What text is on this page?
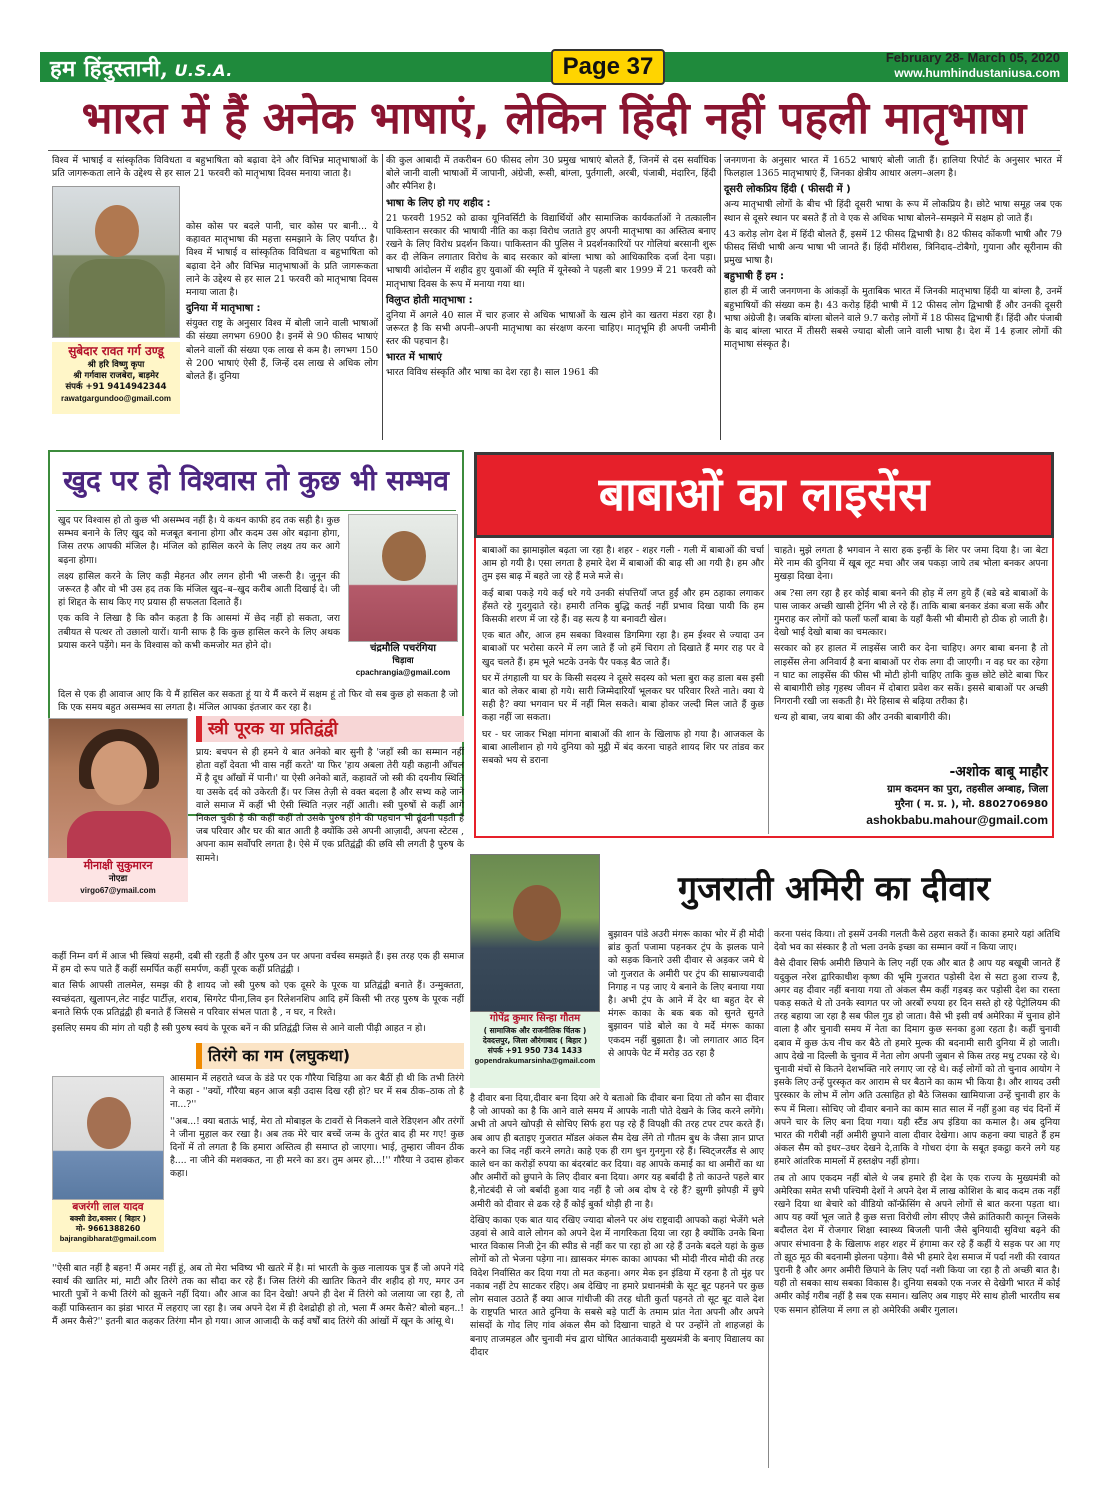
हम हिंदुस्तानी, U.S.A.	Page 37	February 28- March 05, 2020
www.humhindustaniusa.com
भारत में हैं अनेक भाषाएं, लेकिन हिंदी नहीं पहली मातृभाषा

विश्व में भाषाई व सांस्कृतिक विविधता व बहुभाषिता को बढ़ावा देने और विभिन्न मातृभाषाओं के प्रति जागरूकता लाने के उद्देश्य से हर साल 21 फरवरी को मातृभाषा दिवस मनाया जाता है।

सुबेदार रावत गर्ग उण्डू
श्री हरि विष्णु कृपा
श्री गर्गवास राजबेरा, बाड़मेर
संपर्क +91 9414942344
rawatgargundoo@gmail.com

कोस कोस पर बदले पानी, चार कोस पर बानी... ये कहावत मातृभाषा की महत्ता समझाने के लिए पर्याप्त है। विश्व में भाषाई व सांस्कृतिक विविधता व बहुभाषिता को बढ़ावा देने और विभिन्न मातृभाषाओं के प्रति जागरूकता लाने के उद्देश्य से हर साल 21 फरवरी को मातृभाषा दिवस मनाया जाता है।

दुनिया में मातृभाषा :

संयुक्त राष्ट्र के अनुसार विश्व में बोली जाने वाली भाषाओं की संख्या लगभग 6900 है। इनमें से 90 फीसद भाषाएं बोलने वालों की संख्या एक लाख से कम है। लगभग 150 से 200 भाषाएं ऐसी हैं, जिन्हें दस लाख से अधिक लोग बोलते हैं। दुनिया

की कुल आबादी में तकरीबन 60 फीसद लोग 30 प्रमुख भाषाएं बोलते हैं, जिनमें से दस सर्वाधिक बोले जानी वाली भाषाओं में जापानी, अंग्रेजी, रूसी, बांग्ला, पुर्तगाली, अरबी, पंजाबी, मंदारिन, हिंदी और स्पैनिश है।

भाषा के लिए हो गए शहीद :

21 फरवरी 1952 को ढाका यूनिवर्सिटी के विद्यार्थियों और सामाजिक कार्यकर्ताओं ने तत्कालीन पाकिस्तान सरकार की भाषायी नीति का कड़ा विरोध जताते हुए अपनी मातृभाषा का अस्तित्व बनाए रखने के लिए विरोध प्रदर्शन किया। पाकिस्तान की पुलिस ने प्रदर्शनकारियों पर गोलियां बरसानी शुरू कर दी लेकिन लगातार विरोध के बाद सरकार को बांग्ला भाषा को आधिकारिक दर्जा देना पड़ा। भाषायी आंदोलन में शहीद हुए युवाओं की स्मृति में यूनेस्को ने पहली बार 1999 में 21 फरवरी को मातृभाषा दिवस के रूप में मनाया गया था।

विलुप्त होती मातृभाषा :

दुनिया में अगले 40 साल में चार हजार से अधिक भाषाओं के खत्म होने का खतरा मंडरा रहा है। जरूरत है कि सभी अपनी–अपनी मातृभाषा का संरक्षण करना चाहिए। मातृभूमि ही अपनी जमीनी स्तर की पहचान है।

भारत में भाषाएं

भारत विविध संस्कृति और भाषा का देश रहा है। साल 1961 की

जनगणना के अनुसार भारत में 1652 भाषाएं बोली जाती हैं। हालिया रिपोर्ट के अनुसार भारत में फिलहाल 1365 मातृभाषाएं हैं, जिनका क्षेत्रीय आधार अलग–अलग है।

दूसरी लोकप्रिय हिंदी ( फीसदी में )

अन्य मातृभाषी लोगों के बीच भी हिंदी दूसरी भाषा के रूप में लोकप्रिय है। छोटे भाषा समूह जब एक स्थान से दूसरे स्थान पर बसते हैं तो वे एक से अधिक भाषा बोलने–समझने में सक्षम हो जाते हैं।

43 करोड़ लोग देश में हिंदी बोलते हैं, इसमें 12 फीसद द्विभाषी है। 82 फीसद कोंकणी भाषी और 79 फीसद सिंधी भाषी अन्य भाषा भी जानते हैं। हिंदी मॉरीशस, त्रिनिदाद–टोबैगो, गुयाना और सूरीनाम की प्रमुख भाषा है।

बहुभाषी हैं हम :

हाल ही में जारी जनगणना के आंकड़ों के मुताबिक भारत में जिनकी मातृभाषा हिंदी या बांग्ला है, उनमें बहुभाषियों की संख्या कम है। 43 करोड़ हिंदी भाषी में 12 फीसद लोग द्विभाषी हैं और उनकी दूसरी भाषा अंग्रेजी है। जबकि बांग्ला बोलने वाले 9.7 करोड़ लोगों में 18 फीसद द्विभाषी हैं। हिंदी और पंजाबी के बाद बांग्ला भारत में तीसरी सबसे ज्यादा बोली जाने वाली भाषा है। देश में 14 हजार लोगों की मातृभाषा संस्कृत है।

खुद पर हो विश्वास तो कुछ भी सम्भव

खुद पर विश्वास हो तो कुछ भी असम्भव नहीं है। ये कथन काफी हद तक सही है। कुछ सम्भव बनाने के लिए खुद को मजबूत बनाना होगा और कदम उस ओर बढ़ाना होगा, जिस तरफ आपकी मंजिल है। मंजिल को हासिल करने के लिए लक्ष्य तय कर आगे बढ़ना होगा।

लक्ष्य हासिल करने के लिए कड़ी मेहनत और लगन होनी भी जरूरी है। जुनून की जरूरत है और वो भी उस हद तक कि मंजिल खुद–ब–खुद करीब आती दिखाई दे। जी हां शिद्दत के साथ किए गए प्रयास ही सफलता दिलाते हैं।

एक कवि ने लिखा है कि कौन कहता है कि आसमां में छेद नहीं हो सकता, जरा तबीयत से पत्थर तो उछालो यारों। यानी साफ है कि कुछ हासिल करने के लिए अथक प्रयास करने पड़ेंगे। मन के विश्वास को कभी कमजोर मत होने दो।	चंद्रमौलि पचरंगिया
चिड़ावा
cpachrangia@gmail.com

दिल से एक ही आवाज आए कि ये मैं हासिल कर सकता हूं या ये मैं करने में सक्षम हूं तो फिर वो सब कुछ हो सकता है जो कि एक समय बहुत असम्भव सा लगता है। मंजिल आपका इंतजार कर रहा है।

स्त्री पूरक या प्रतिद्वंद्वी
मीनाक्षी सुकुमारन
नोएडा
virgo67@ymail.com

प्राय: बचपन से ही हमने ये बात अनेको बार सुनी है 'जहाँ स्त्री का सम्मान नहीं होता वहाँ देवता भी वास नहीं करते' या फिर 'हाय अबला तेरी यही कहानी आँचल में है दूध आँखों में पानी।' या ऐसी अनेको बातें, कहावतें जो स्त्री की दयनीय स्थिति या उसके दर्द को उकेरती हैं। पर जिस तेज़ी से वक्त बदला है और सभ्य कहे जाने वाले समाज में कहीं भी ऐसी स्थिति नज़र नहीं आती। स्त्री पुरुषों से कहीं आगे निकल चुकी है की कहीं कहीं तो उसके पुरुष होने की पहचान भी ढूंढनी पड़ती है जब परिवार और घर की बात आती है क्योंकि उसे अपनी आज़ादी, अपना स्टेटस , अपना काम सर्वोपरि लगता है। ऐसे में एक प्रतिद्वंद्वी की छवि सी लगती है पुरुष के सामने।

कहीं निम्न वर्ग में आज भी स्त्रियां सहमी, दबी सी रहती हैं और पुरुष उन पर अपना वर्चस्व समझते हैं। इस तरह एक ही समाज में हम दो रूप पाते हैं कहीं समर्पित कहीं समर्पण, कहीं पूरक कहीं प्रतिद्वंद्वी ।

बात सिर्फ आपसी तालमेल, समझ की है शायद जो स्त्री पुरुष को एक दूसरे के पूरक या प्रतिद्वंद्वी बनाते हैं। उन्मुक्तता, स्वच्छंदता, खुलापन,लेट नाईट पार्टीज़, शराब, सिगरेट पीना,लिव इन रिलेशनशिप आदि हमें किसी भी तरह पुरुष के पूरक नहीं बनाते सिर्फ एक प्रतिद्वंद्वी ही बनाते हैं जिससे न परिवार संभल पाता है , न घर, न रिश्ते।

इसलिए समय की मांग तो यही है स्त्री पुरुष स्वयं के पूरक बनें न की प्रतिद्वंद्वी जिस से आने वाली पीढ़ी आहत न हो।

तिरंगे का गम (लघुकथा)
बजरंगी लाल यादव
बक्सी डेरा,बक्सर ( बिहार )
मो- 9661388260
bajrangibharat@gmail.com

आसमान में लहराते ध्वज के डंडे पर एक गौरैया चिड़िया आ कर बैठीं ही थी कि तभी तिरंगे ने कहा - ''क्यों, गौरैया बहन आज बड़ी उदास दिख रही हो? घर में सब ठीक–ठाक तो है ना...?''

''अब...! क्या बताऊं भाई, मेरा तो मोबाइल के टावरों से निकलने वाले रेडिएशन और तरंगों ने जीना मुहाल कर रखा है। अब तक मेरे चार बच्चें जन्म के तुरंत बाद ही मर गए! कुछ दिनों में तो लगता है कि हमारा अस्तित्व ही समाप्त हो जाएगा। भाई, तुम्हारा जीवन ठीक है.... ना जीने की मशक्कत, ना ही मरने का डर। तुम अमर हो...!'' गौरैया ने उदास होकर कहा।

''ऐसी बात नहीं है बहन! मैं अमर नहीं हूं, अब तो मेरा भविष्य भी खतरे में है। मां भारती के कुछ नालायक पुत्र हैं जो अपने गंदे स्वार्थ की खातिर मां, माटी और तिरंगे तक का सौदा कर रहे हैं। जिस तिरंगे की खातिर कितने वीर शहीद हो गए, मगर उन भारती पुत्रों ने कभी तिरंगे को झुकने नहीं दिया। और आज का दिन देखो! अपने ही देश में तिरंगे को जलाया जा रहा है, तो कहीं पाकिस्तान का झंडा भारत में लहराए जा रहा है। जब अपने देश में ही देशद्रोही हो तो, भला मैं अमर कैसे? बोलो बहन..! मैं अमर कैसे?'' इतनी बात कहकर तिरंगा मौन हो गया। आज आजादी के कई वर्षों बाद तिरंगे की आंखों में खून के आंसू थे।

बाबाओं का लाइसेंस

बाबाओं का झामाझोल बढ़ता जा रहा है। शहर - शहर गली - गली में बाबाओं की चर्चा आम हो गयी है। एसा लगता है हमारे देश में बाबाओं की बाढ़ सी आ गयी है। हम और तुम इस बाढ़ में बहते जा रहे हैं मजे मजे से।

कई बाबा पकड़े गये कई धरे गये उनकी संपत्तियाँ जप्त हुईं और हम ठहाका लगाकर हँसते रहे गुदगुदाते रहे। हमारी तनिक बुद्धि कतई नहीं प्रभाव दिखा पायी कि हम किसकी शरण में जा रहे हैं। वह सत्य है या बनावटी खेल।

एक बात और, आज हम सबका विश्वास डिगमिगा रहा है। हम ईश्वर से ज्यादा उन बाबाओं पर भरोसा करने में लग जाते हैं जो हमें चिराग तो दिखाते हैं मगर राह पर वे खुद चलते हैं। हम भूले भटके उनके पैर पकड़ बैठ जाते हैं।

घर में तंगहाली या घर के किसी सदस्य ने दूसरे सदस्य को भला बुरा कह डाला बस इसी बात को लेकर बाबा हो गये। सारी जिम्मेदारियाँ भूलकर घर परिवार रिश्ते नाते। क्या ये सही है? क्या भगवान घर में नहीं मिल सकते। बाबा होकर जल्दी मिल जाते हैं कुछ कहा नहीं जा सकता।

घर - घर जाकर भिक्षा मांगना बाबाओं की शान के खिलाफ हो गया है। आजकल के बाबा आलीशान हो गये दुनिया को मुट्ठी में बंद करना चाहते शायद शिर पर तांडव कर सबको भय से डराना

चाहते। मुझे लगता है भगवान ने सारा हक इन्हीं के शिर पर जमा दिया है। जा बेटा मेरे नाम की दुनिया में खूब लूट मचा और जब पकड़ा जाये तब भोला बनकर अपना मुखड़ा दिखा देना।

अब ?सा लग रहा है हर कोई बाबा बनने की होड़ में लग हुये हैं (बडे बडे बाबाओं के पास जाकर अच्छी खासी ट्रेनिंग भी ले रहे हैं। ताकि बाबा बनकर डंका बजा सकें और गुमराह कर लोगों को फलाँ फलाँ बाबा के यहाँ कैसी भी बीमारी हो ठीक हो जाती है। देखो भाई देखो बाबा का चमत्कार।

सरकार को हर हालत में लाइसेंस जारी कर देना चाहिए। अगर बाबा बनना है तो लाइसेंस लेना अनिवार्य है बना बाबाओं पर रोक लगा दी जाएगी। न वह घर का रहेगा न घाट का लाइसेंस की फीस भी मोटी होनी चाहिए ताकि कुछ छोटे छोटे बाबा फिर से बाबागीरी छोड़ गृहस्थ जीवन में दोबारा प्रवेश कर सकें। इससे बाबाओं पर अच्छी निगरानी रखी जा सकती है। मेरे हिसाब से बढ़िया तरीका है।

धन्य हो बाबा, जय बाबा की और उनकी बाबागीरी की।

-अशोक बाबू माहौर
ग्राम कदमन का पुरा, तहसील अम्बाह, जिला
मुरैना ( म. प्र. ), मो. 8802706980
ashokbabu.mahour@gmail.com
गुजराती अमिरी का दीवार
गोपेंद्र कुमार सिन्हा गौतम
( सामाजिक और राजनीतिक चिंतक )
देवदत्तपुर, जिला औरंगाबाद ( बिहार )
संपर्क +91 950 734 1433
gopendrakumarsinha@gmail.com

बुझावन पांडे अउरी मंगरू काका भोर में ही मोदी ब्रांड कुर्ता पजामा पहनकर ट्रंप के झलक पाने को सड़क किनारे उसी दीवार से अड़कर जमे थे जो गुजरात के अमीरी पर ट्रंप की साम्राज्यवादी निगाह न पड़ जाए ये बनाने के लिए बनाया गया है। अभी ट्रंप के आने में देर था बहुत देर से मंगरू काका के बक बक को सुनते सुनते बुझावन पांडे बोले का ये मर्दे मंगरू काका एकदम नहीं बुझाता है। जो लगातार आठ दिन से आपके पेट में मरोड़ उठ रहा है

है दीवार बना दिया,दीवार बना दिया अरे ये बताओ कि दीवार बना दिया तो कौन सा दीवार है जो आपको का है कि आने वाले समय में आपके नाती पोते देखने के जिद करने लगेंगे। अभी तो अपने खोपड़ी से सोचिए सिर्फ हरा पड़ रहे हैं विपक्षी की तरह टपर टपर करते हैं। अब आप ही बताइए गुजरात मॉडल अंकल सैम देख लेंगे तो गौतम बुध के जैसा ज्ञान प्राप्त करने का जिद नहीं करने लगते। काहे एक ही राग धुन गुनगुना रहे हैं। स्विट्जरलैंड से आए काले धन का करोड़ों रुपया का बंदरबांट कर दिया। वह आपके कमाई का था अमीरों का था और अमीरों को छुपाने के लिए दीवार बना दिया। अगर यह बर्बादी है तो काउन्ते पहले बार है,नोटबंदी से जो बर्बादी हुआ याद नहीं है जो अब दोष दे रहे हैं? झुग्गी झोपड़ी में छुपे अमीरी को दीवार से ढक रहे हैं कोई बुर्का थोड़ी ही ना है।

देखिए काका एक बात याद रखिए ज्यादा बोलने पर अंध राष्ट्रवादी आपको कहां भेजेंगे भले उहवां से आवे वाले लोगन को अपने देश में नागरिकता दिया जा रहा है क्योंकि उनके बिना भारत विकास निजी ट्रेन की स्पीड से नहीं कर पा रहा हो आ रहे हैं उनके बदले यहां के कुछ लोगों को तो भेजना पड़ेगा ना। ख़ासकर मंगरू काका आपका भी मोदी नीरव मोदी की तरह विदेश निर्वासित कर दिया गया तो मत कहना। अगर मेक इन इंडिया में रहना है तो मुंह पर नकाब नहीं टेप साटकर रहिए। अब देखिए ना हमारे प्रधानमंत्री के सूट बूट पहनने पर कुछ लोग सवाल उठाते हैं क्या आज गांधीजी की तरह धोती कुर्ता पहनते तो सूट बूट वाले देश के राष्ट्रपति भारत आते दुनिया के सबसे बड़े पार्टी के तमाम प्रांत नेता अपनी और अपने सांसदों के गोद लिए गांव अंकल सैम को दिखाना चाहते थे पर उन्होंने तो शाहजहां के बनाए ताजमहल और चुनावी मंच द्वारा घोषित आतंकवादी मुख्यमंत्री के बनाए विद्यालय का दीदार

करना पसंद किया। तो इसमें उनकी गलती कैसे ठहरा सकते हैं। काका हमारे यहां अतिथि देवो भव का संस्कार है तो भला उनके इच्छा का सम्मान क्यों न किया जाए।

वैसे दीवार सिर्फ अमीरी छिपाने के लिए नहीं एक और बात है आप यह बखूबी जानते हैं यदुकुल नरेश द्वारिकाधीश कृष्ण की भूमि गुजरात पड़ोसी देश से सटा हुआ राज्य है, अगर वह दीवार नहीं बनाया गया तो अंकल सैम कहीं गड़बड़ कर पड़ोसी देश का रास्ता पकड़ सकते थे तो उनके स्वागत पर जो अरबों रुपया हर दिन सस्ते हो रहे पेट्रोलियम की तरह बहाया जा रहा है सब फील गुड हो जाता। वैसे भी इसी वर्ष अमेरिका में चुनाव होने वाला है और चुनावी समय में नेता का दिमाग कुछ सनका हुआ रहता है। कहीं चुनावी दबाव में कुछ ऊंच नीच कर बैठे तो हमारे मुल्क की बदनामी सारी दुनिया में हो जाती। आप देखे ना दिल्ली के चुनाव में नेता लोग अपनी जुबान से किस तरह मधु टपका रहे थे। चुनावी मंचों से कितने देशभक्ति नारे लगाए जा रहे थे। कई लोगों को तो चुनाव आयोग ने इसके लिए उन्हें पुरस्कृत कर आराम से घर बैठाने का काम भी किया है। और शायद उसी पुरस्कार के लोभ में लोग अति उत्साहित हो बैठे जिसका खामियाजा उन्हें चुनावी हार के रूप में मिला। सोचिए जो दीवार बनाने का काम सात साल में नहीं हुआ वह चंद दिनों में अपने चार के लिए बना दिया गया। यही स्टैंड अप इंडिया का कमाल है। अब दुनिया भारत की गरीबी नहीं अमीरी छुपाने वाला दीवार देखेगा। आप कहना क्या चाहते हैं हम अंकल सैम को इधर–उधर देखने दे,ताकि वे गोधरा दंगा के सबूत इकट्ठा करने लगे यह हमारे आंतरिक मामलों में हस्तक्षेप नहीं होगा।

तब तो आप एकदम नहीं बोले थे जब हमारे ही देश के एक राज्य के मुख्यमंत्री को अमेरिका समेत सभी पश्चिमी देशों ने अपने देश में लाख कोशिश के बाद कदम तक नहीं रखने दिया था बेचारे को वीडियो कॉन्फ्रेंसिंग से अपने लोगों से बात करना पड़ता था। आप यह क्यों भूल जाते है कुछ सत्ता विरोधी लोग सीएए जैसे क्रांतिकारी कानून जिसके बदौलत देश में रोजगार शिक्षा स्वास्थ्य बिजली पानी जैसे बुनियादी सुविधा बढ़ने की अपार संभावना है के खिलाफ शहर शहर में हंगामा कर रहे हैं कहीं ये सड़क पर आ गए तो झूठ मूठ की बदनामी झेलना पड़ेगा। वैसे भी हमारे देश समाज में पर्दा नशी की रवायत पुरानी है और अगर अमीरी छिपाने के लिए पर्दा नशी किया जा रहा है तो अच्छी बात है। यही तो सबका साथ सबका विकास है। दुनिया सबको एक नजर से देखेगी भारत में कोई अमीर कोई गरीब नहीं है सब एक समान। खलिए अब गाइए मेरे साथ होली भारतीय सब एक समान होलिया में लगा ल हो अमेरिकी अबीर गुलाल।
